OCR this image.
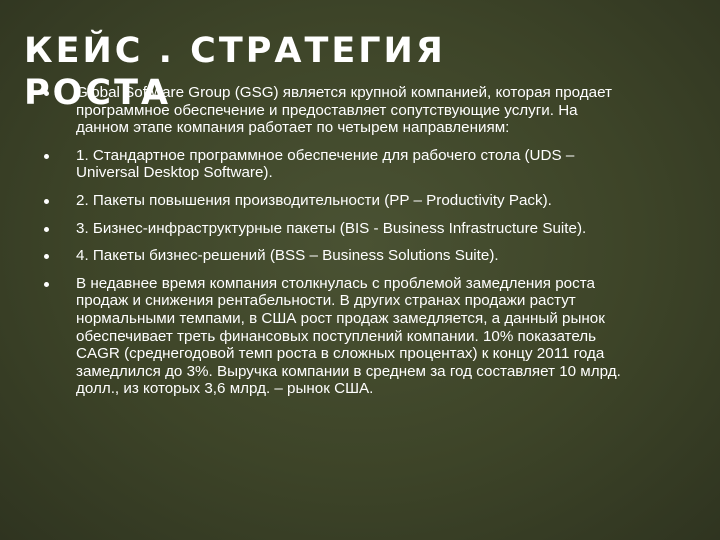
КЕЙС . СТРАТЕГИЯ РОСТА
Global Software Group (GSG) является крупной компанией, которая продает программное обеспечение и предоставляет сопутствующие услуги. На данном этапе компания работает по четырем направлениям:
1. Стандартное программное обеспечение для рабочего стола (UDS – Universal Desktop Software).
2. Пакеты повышения производительности (PP – Productivity Pack).
3. Бизнес-инфраструктурные пакеты (BIS - Business Infrastructure Suite).
4. Пакеты бизнес-решений (BSS – Business Solutions Suite).
В недавнее время компания столкнулась с проблемой замедления роста продаж и снижения рентабельности. В других странах продажи растут нормальными темпами, в США рост продаж замедляется, а данный рынок обеспечивает треть финансовых поступлений компании. 10% показатель CAGR (среднегодовой темп роста в сложных процентах) к концу 2011 года замедлился до 3%. Выручка компании в среднем за год составляет 10 млрд. долл., из которых 3,6 млрд. – рынок США.
